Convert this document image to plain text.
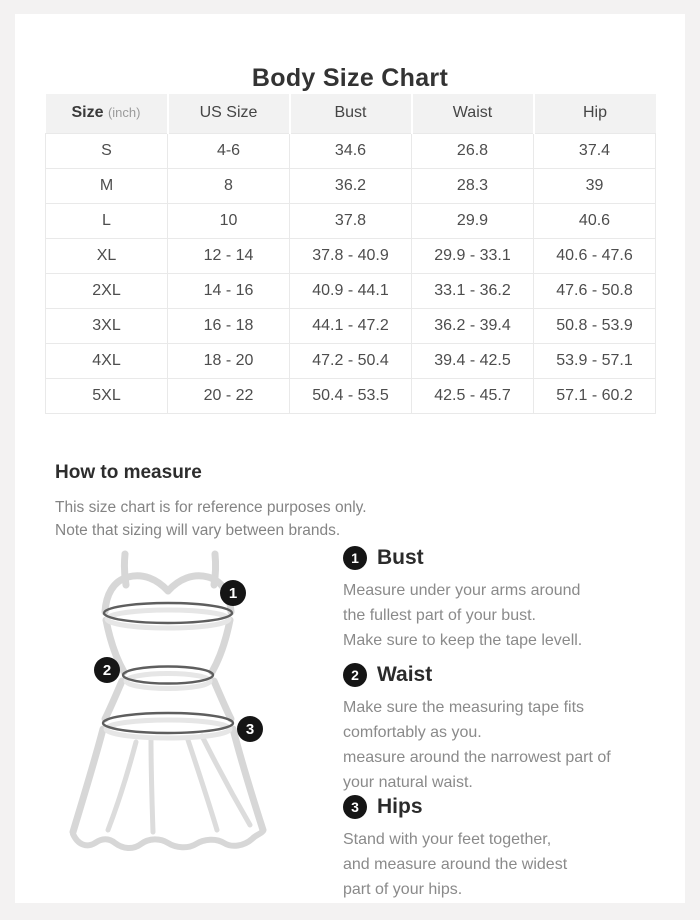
Body Size Chart
Size (inch)	US Size	Bust	Waist	Hip
S	4-6	34.6	26.8	37.4
M	8	36.2	28.3	39
L	10	37.8	29.9	40.6
XL	12 - 14	37.8 - 40.9	29.9 - 33.1	40.6 - 47.6
2XL	14 - 16	40.9 - 44.1	33.1 - 36.2	47.6 - 50.8
3XL	16 - 18	44.1 - 47.2	36.2 - 39.4	50.8 - 53.9
4XL	18 - 20	47.2 - 50.4	39.4 - 42.5	53.9 - 57.1
5XL	20 - 22	50.4 - 53.5	42.5 - 45.7	57.1 - 60.2
How to measure

This size chart is for reference purposes only.
Note that sizing will vary between brands.

1
2
3
1 Bust

Measure under your arms around
the fullest part of your bust.
Make sure to keep the tape levell.

2 Waist

Make sure the measuring tape fits
comfortably as you.
measure around the narrowest part of
your natural waist.

3 Hips

Stand with your feet together,
and measure around the widest
part of your hips.
